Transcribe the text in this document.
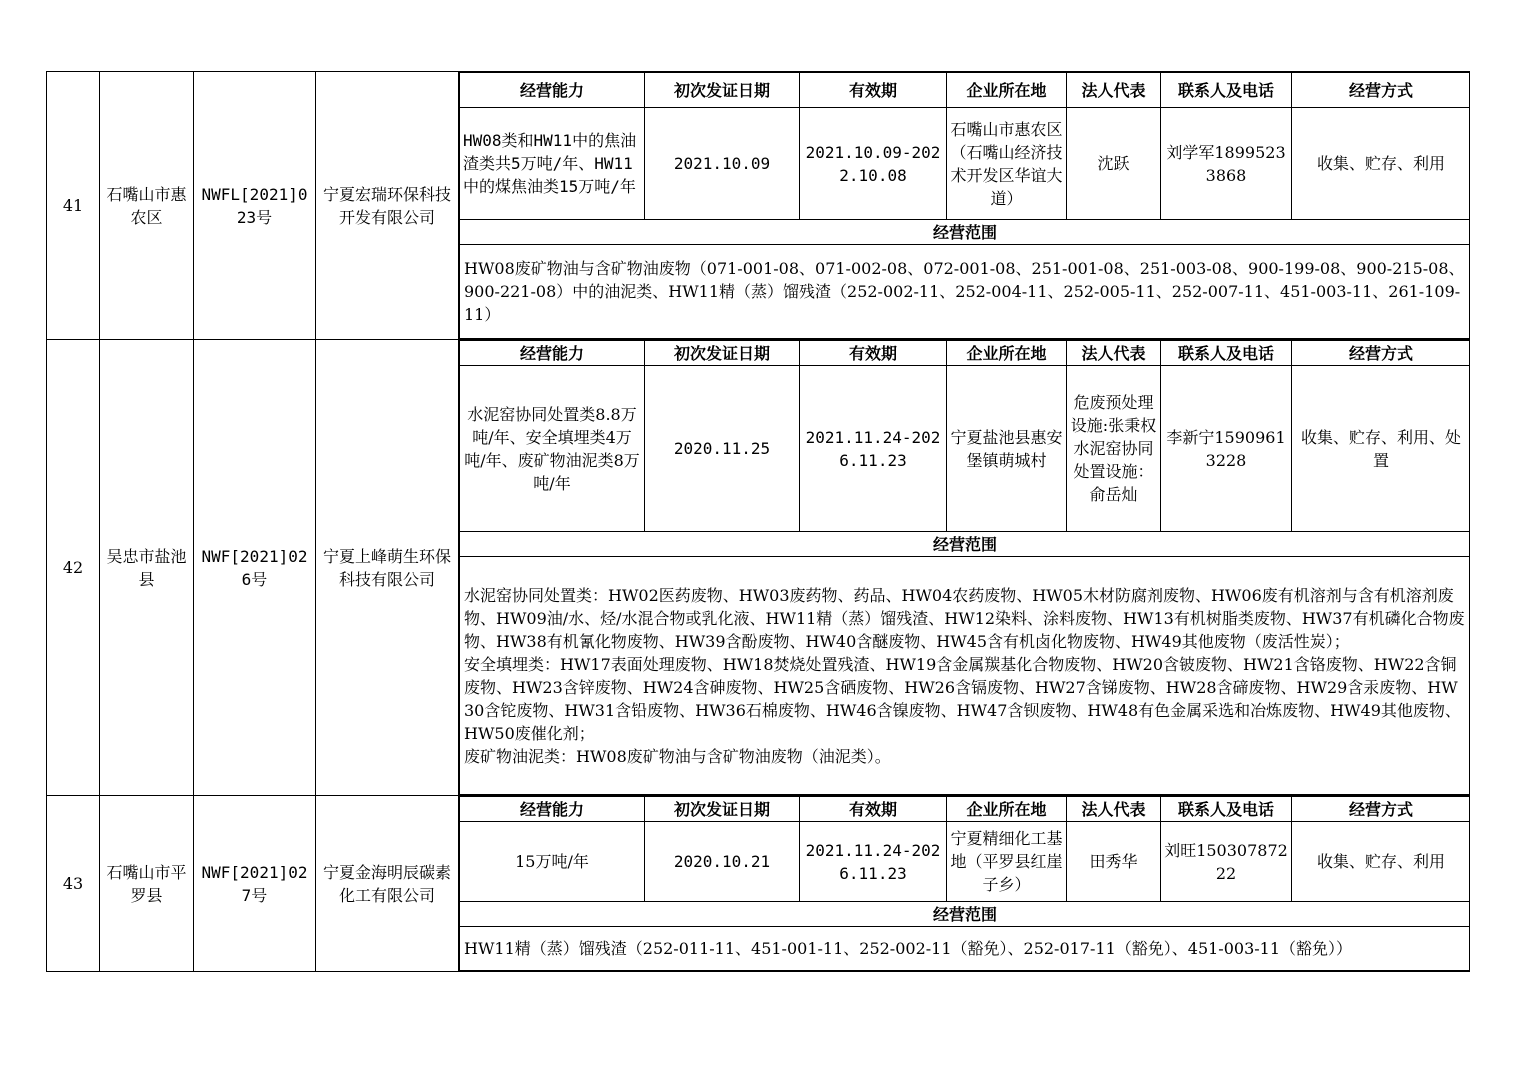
41	石嘴山市惠农区	NWFL[2021]023号	宁夏宏瑞环保科技开发有限公司	
经营能力	初次发证日期	有效期	企业所在地	法人代表	联系人及电话	经营方式
HW08类和HW11中的焦油渣类共5万吨/年、HW11中的煤焦油类15万吨/年	2021.10.09	2021.10.09-2022.10.08	石嘴山市惠农区（石嘴山经济技术开发区华谊大道）	沈跃	刘学军18995233868	收集、贮存、利用
经营范围
HW08废矿物油与含矿物油废物（071-001-08、071-002-08、072-001-08、251-001-08、251-003-08、900-199-08、900-215-08、900-221-08）中的油泥类、HW11精（蒸）馏残渣（252-002-11、252-004-11、252-005-11、252-007-11、451-003-11、261-109-11）

42	吴忠市盐池县	NWF[2021]026号	宁夏上峰萌生环保科技有限公司	
经营能力	初次发证日期	有效期	企业所在地	法人代表	联系人及电话	经营方式
水泥窑协同处置类8.8万吨/年、安全填埋类4万吨/年、废矿物油泥类8万吨/年	2020.11.25	2021.11.24-2026.11.23	宁夏盐池县惠安堡镇萌城村	危废预处理设施:张秉权水泥窑协同处置设施：俞岳灿	李新宁15909613228	收集、贮存、利用、处置
经营范围
水泥窑协同处置类：HW02医药废物、HW03废药物、药品、HW04农药废物、HW05木材防腐剂废物、HW06废有机溶剂与含有机溶剂废物、HW09油/水、烃/水混合物或乳化液、HW11精（蒸）馏残渣、HW12染料、涂料废物、HW13有机树脂类废物、HW37有机磷化合物废物、HW38有机氰化物废物、HW39含酚废物、HW40含醚废物、HW45含有机卤化物废物、HW49其他废物（废活性炭）；
安全填埋类：HW17表面处理废物、HW18焚烧处置残渣、HW19含金属羰基化合物废物、HW20含铍废物、HW21含铬废物、HW22含铜废物、HW23含锌废物、HW24含砷废物、HW25含硒废物、HW26含镉废物、HW27含锑废物、HW28含碲废物、HW29含汞废物、HW30含铊废物、HW31含铅废物、HW36石棉废物、HW46含镍废物、HW47含钡废物、HW48有色金属采选和冶炼废物、HW49其他废物、HW50废催化剂；
废矿物油泥类：HW08废矿物油与含矿物油废物（油泥类）。

43	石嘴山市平罗县	NWF[2021]027号	宁夏金海明辰碳素化工有限公司	
经营能力	初次发证日期	有效期	企业所在地	法人代表	联系人及电话	经营方式
15万吨/年	2020.10.21	2021.11.24-2026.11.23	宁夏精细化工基地（平罗县红崖子乡）	田秀华	刘旺15030787222	收集、贮存、利用
经营范围
HW11精（蒸）馏残渣（252-011-11、451-001-11、252-002-11（豁免）、252-017-11（豁免）、451-003-11（豁免））
